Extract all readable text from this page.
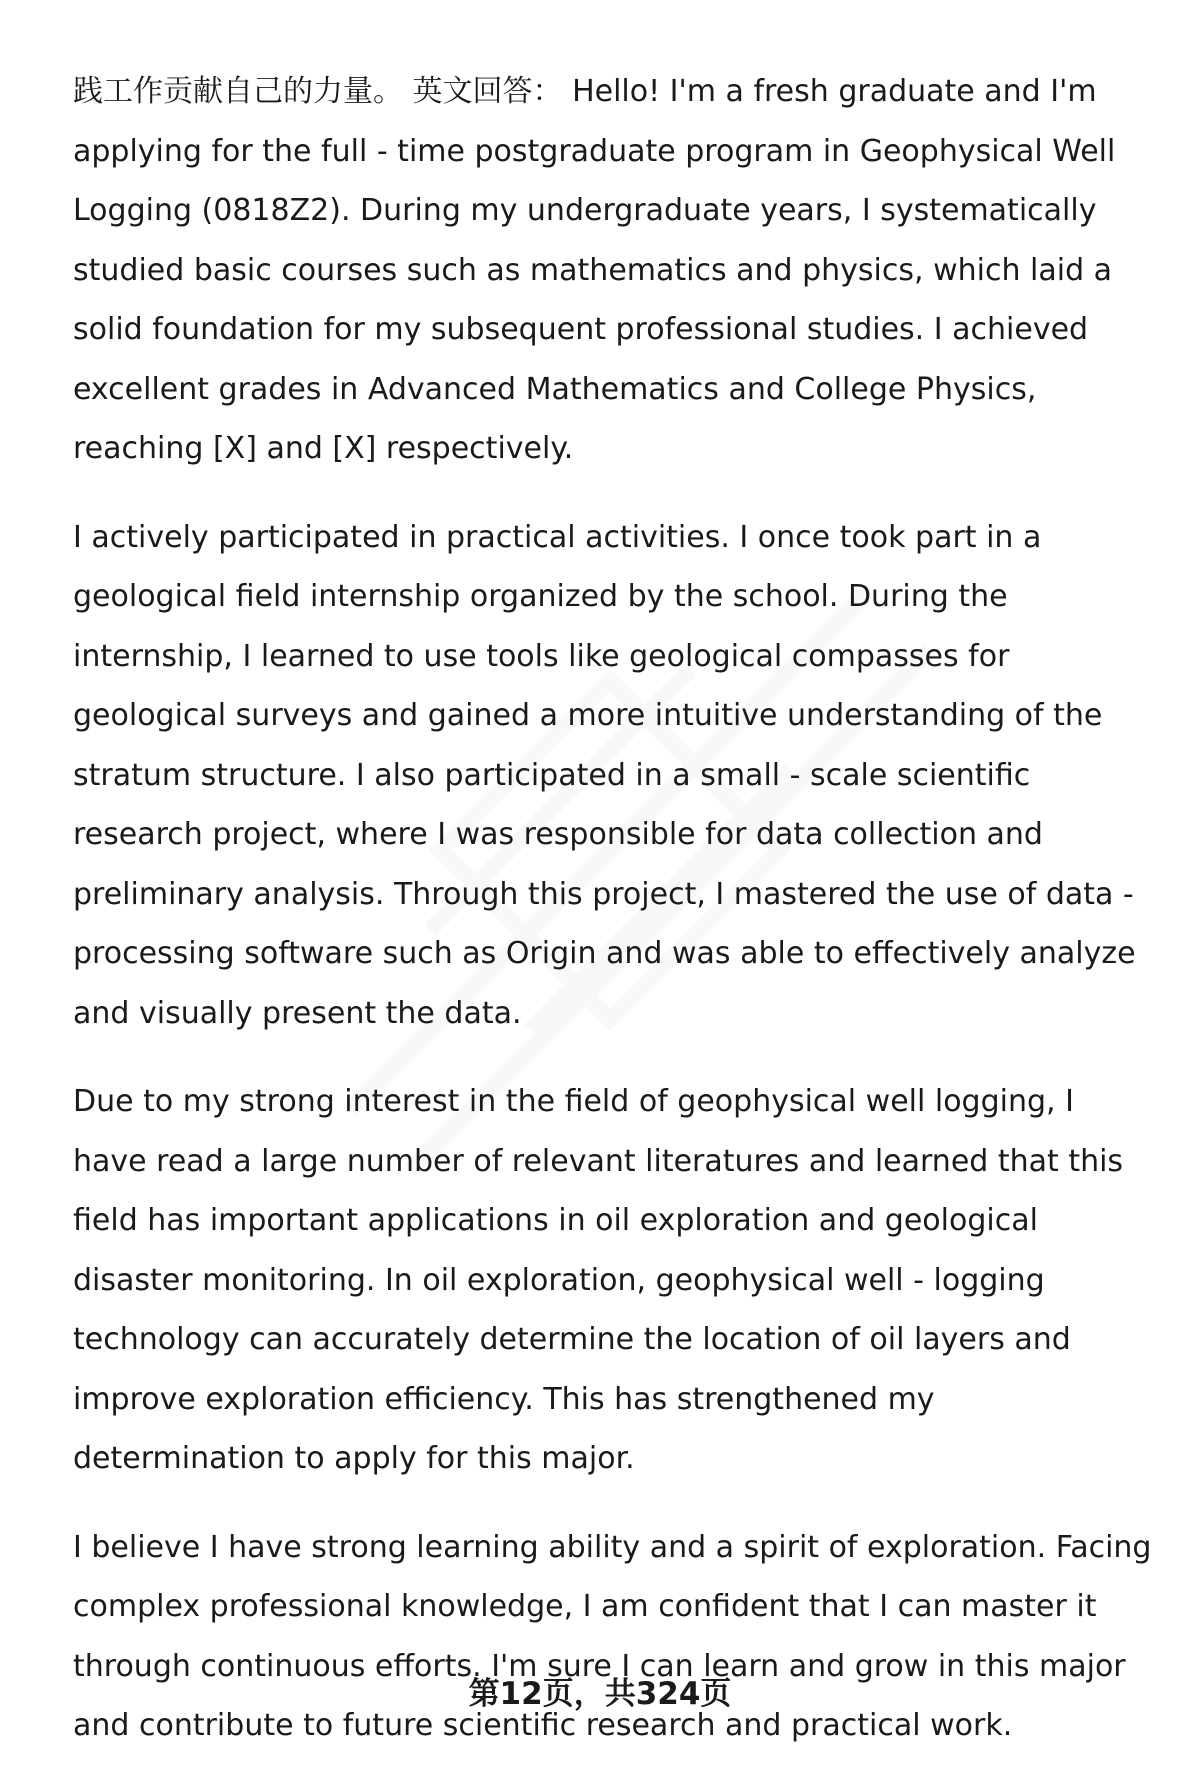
践工作贡献自己的力量。 英文回答： Hello! I'm a fresh graduate and I'm applying for the full - time postgraduate program in Geophysical Well Logging (0818Z2). During my undergraduate years, I systematically studied basic courses such as mathematics and physics, which laid a solid foundation for my subsequent professional studies. I achieved excellent grades in Advanced Mathematics and College Physics, reaching [X] and [X] respectively.

I actively participated in practical activities. I once took part in a geological field internship organized by the school. During the internship, I learned to use tools like geological compasses for geological surveys and gained a more intuitive understanding of the stratum structure. I also participated in a small - scale scientific research project, where I was responsible for data collection and preliminary analysis. Through this project, I mastered the use of data - processing software such as Origin and was able to effectively analyze and visually present the data.

Due to my strong interest in the field of geophysical well logging, I have read a large number of relevant literatures and learned that this field has important applications in oil exploration and geological disaster monitoring. In oil exploration, geophysical well - logging technology can accurately determine the location of oil layers and improve exploration efficiency. This has strengthened my determination to apply for this major.

I believe I have strong learning ability and a spirit of exploration. Facing complex professional knowledge, I am confident that I can master it through continuous efforts. I'm sure I can learn and grow in this major and contribute to future scientific research and practical work.

第12页，共324页
